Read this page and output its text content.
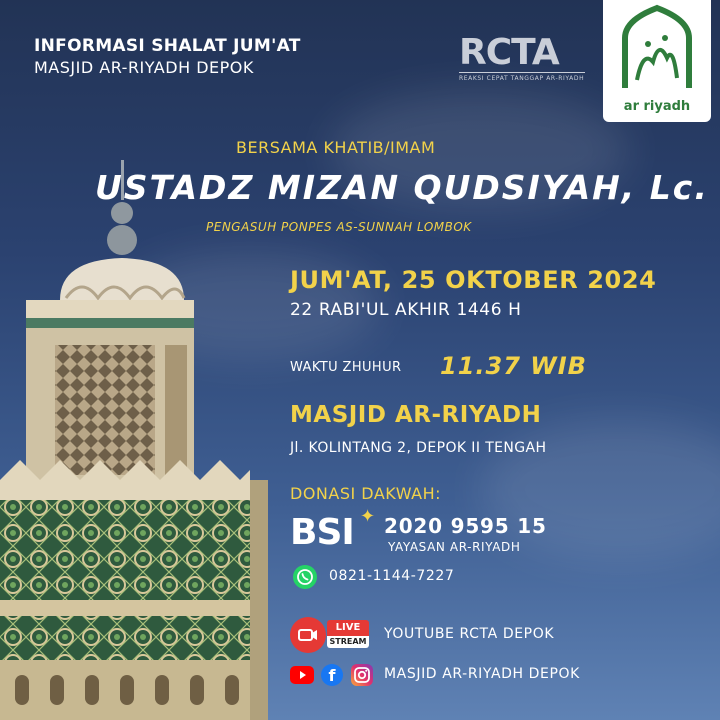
INFORMASI SHALAT JUM'AT
MASJID AR-RIYADH DEPOK	RCTA
REAKSI CEPAT TANGGAP AR-RIYADH
ar riyadh
BERSAMA KHATIB/IMAM
USTADZ MIZAN QUDSIYAH, Lc.
PENGASUH PONPES AS-SUNNAH LOMBOK
JUM'AT, 25 OKTOBER 2024
22 RABI'UL AKHIR 1446 H
WAKTU ZHUHUR 11.37 WIB
MASJID AR-RIYADH
Jl. KOLINTANG 2, DEPOK II TENGAH
DONASI DAKWAH:
BSI ✦ 2020 9595 15
YAYASAN AR-RIYADH
0821-1144-7227
LIVE
STREAM YOUTUBE RCTA DEPOK
f	MASJID AR-RIYADH DEPOK
